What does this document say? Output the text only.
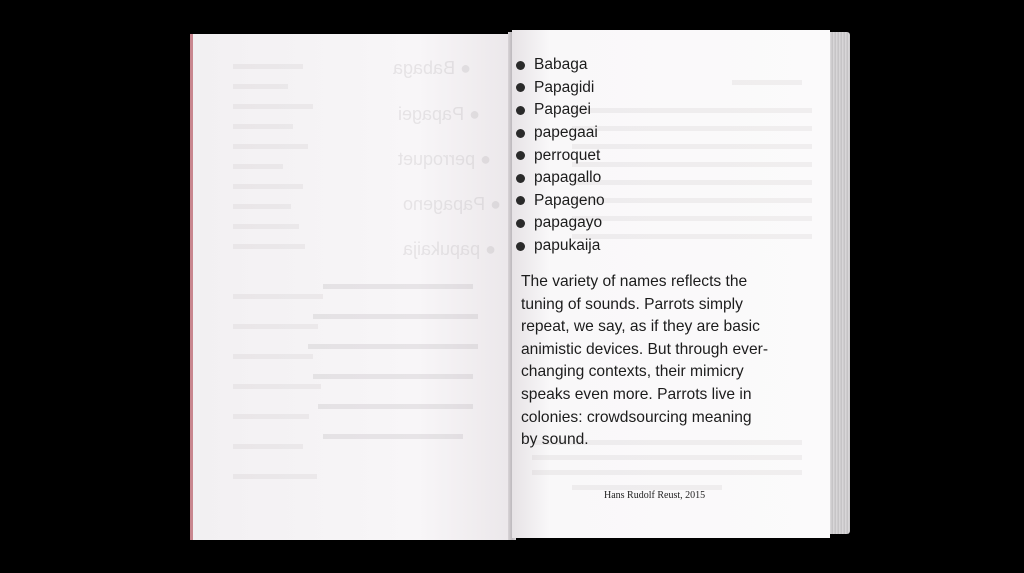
● Babaga
● Papagei
● perroquet
● Papageno
● papukaija
Babaga
Papagidi
Papagei
papegaai
perroquet
papagallo
Papageno
papagayo
papukaija

The variety of names reflects the
tuning of sounds. Parrots simply
repeat, we say, as if they are basic
animistic devices. But through ever-
changing contexts, their mimicry
speaks even more. Parrots live in
colonies: crowdsourcing meaning
by sound.

Hans Rudolf Reust, 2015
